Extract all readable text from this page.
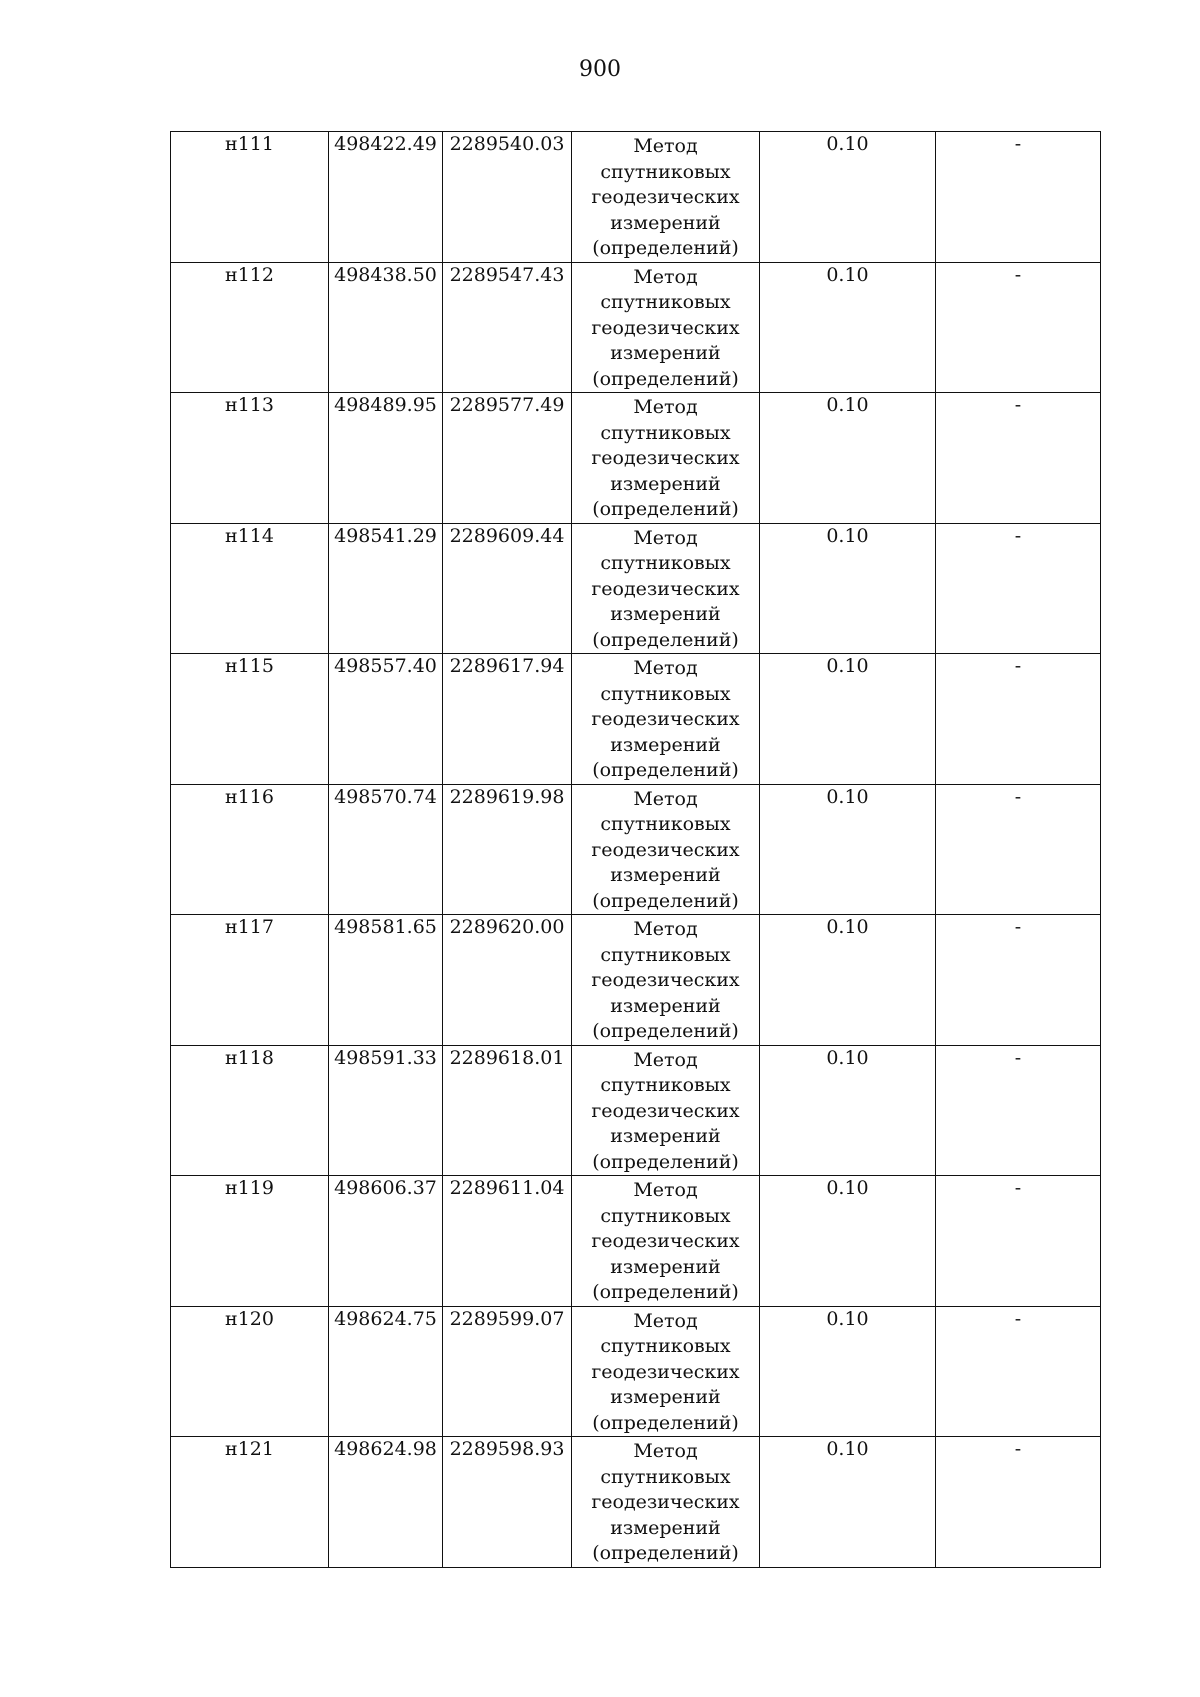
900
н111	498422.49	2289540.03	Метод спутниковых геодезических измерений (определений)	0.10	-
н112	498438.50	2289547.43	Метод спутниковых геодезических измерений (определений)	0.10	-
н113	498489.95	2289577.49	Метод спутниковых геодезических измерений (определений)	0.10	-
н114	498541.29	2289609.44	Метод спутниковых геодезических измерений (определений)	0.10	-
н115	498557.40	2289617.94	Метод спутниковых геодезических измерений (определений)	0.10	-
н116	498570.74	2289619.98	Метод спутниковых геодезических измерений (определений)	0.10	-
н117	498581.65	2289620.00	Метод спутниковых геодезических измерений (определений)	0.10	-
н118	498591.33	2289618.01	Метод спутниковых геодезических измерений (определений)	0.10	-
н119	498606.37	2289611.04	Метод спутниковых геодезических измерений (определений)	0.10	-
н120	498624.75	2289599.07	Метод спутниковых геодезических измерений (определений)	0.10	-
н121	498624.98	2289598.93	Метод спутниковых геодезических измерений (определений)	0.10	-
